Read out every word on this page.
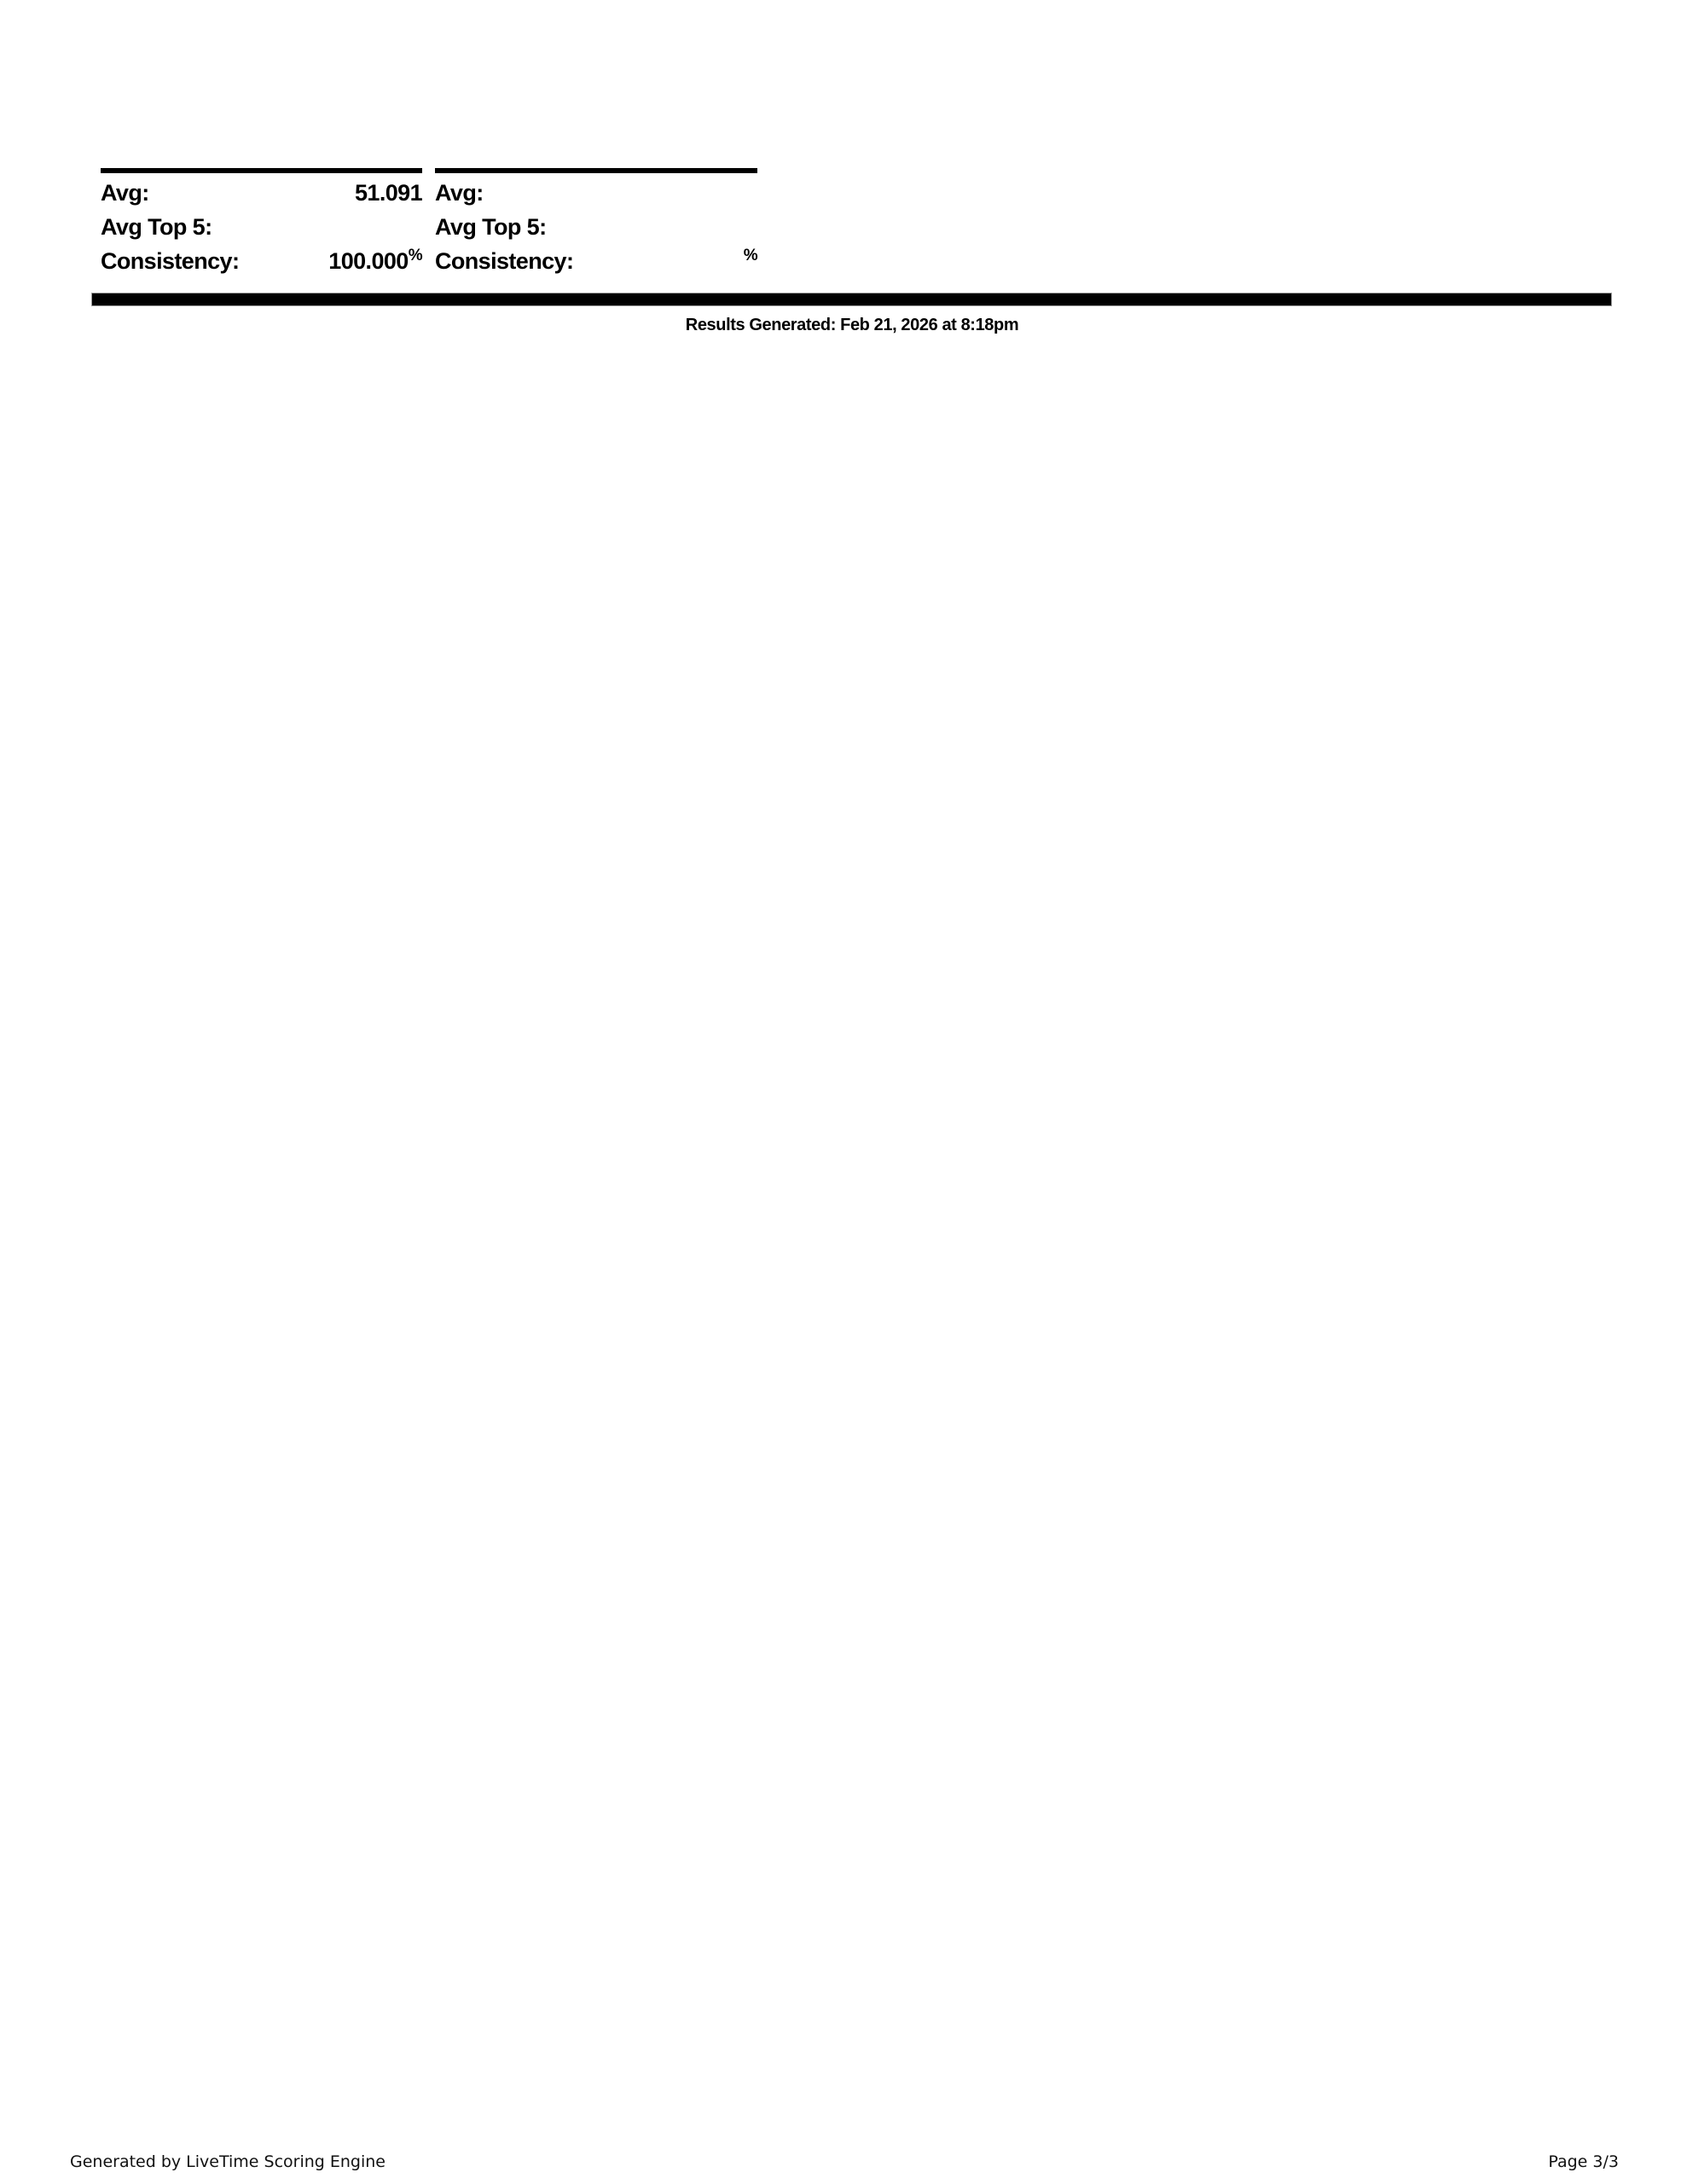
Avg:	51.091
Avg Top 5:
Consistency:	100.000%
Avg:
Avg Top 5:
Consistency:	%
Results Generated: Feb 21, 2026 at 8:18pm
Generated by LiveTime Scoring Engine	Page 3/3
